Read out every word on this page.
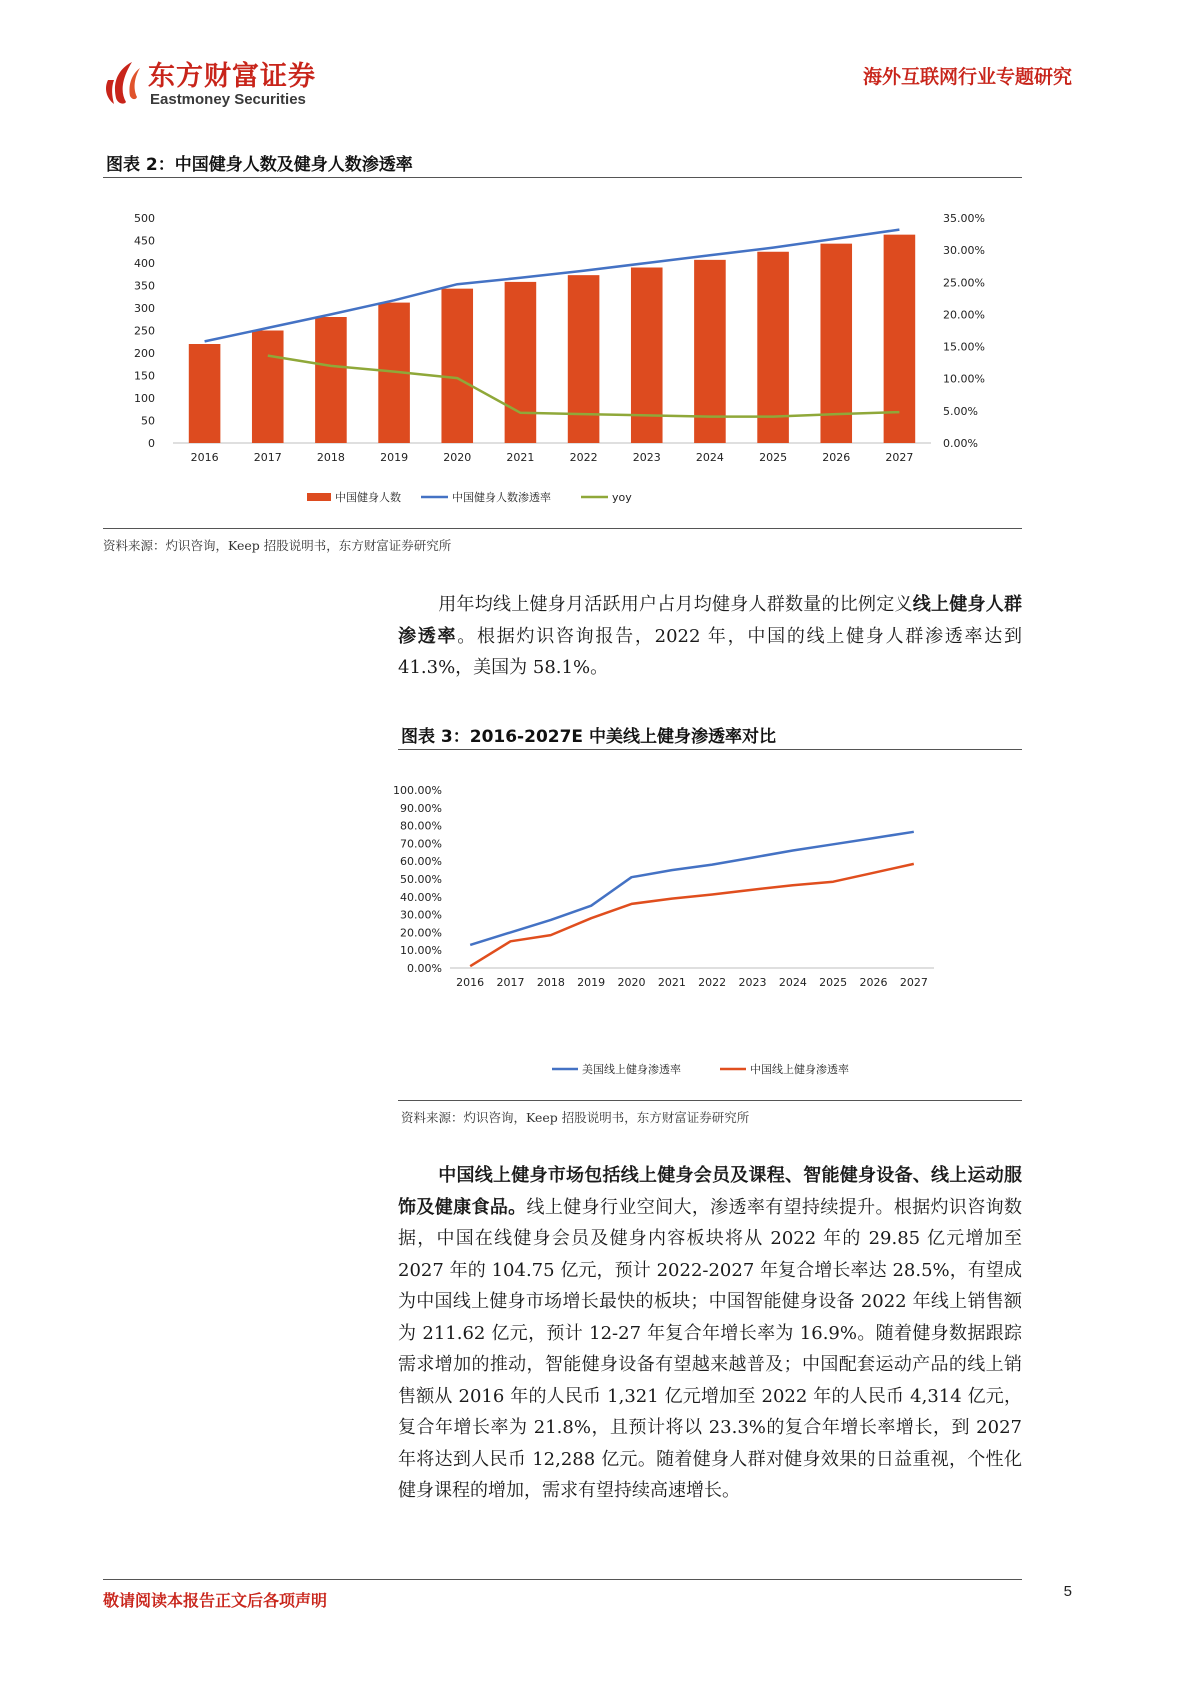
东方财富证券
Eastmoney Securities
海外互联网行业专题研究
图表 2：中国健身人数及健身人数渗透率
0
50
100
150
200
250
300
350
400
450
500
0.00%
5.00%
10.00%
15.00%
20.00%
25.00%
30.00%
35.00%
2016	2017	2018	2019	2020	2021	2022	2023	2024	2025	2026	2027
中国健身人数	中国健身人数渗透率	yoy
资料来源：灼识咨询，Keep 招股说明书，东方财富证券研究所
用年均线上健身月活跃用户占月均健身人群数量的比例定义线上健身人群渗透率。根据灼识咨询报告，2022 年，中国的线上健身人群渗透率达到 41.3%，美国为 58.1%。
图表 3：2016-2027E 中美线上健身渗透率对比
0.00%
10.00%
20.00%
30.00%
40.00%
50.00%
60.00%
70.00%
80.00%
90.00%
100.00%
2016 2017 2018 2019 2020 2021 2022 2023 2024 2025 2026 2027
美国线上健身渗透率	中国线上健身渗透率
资料来源：灼识咨询，Keep 招股说明书，东方财富证券研究所
中国线上健身市场包括线上健身会员及课程、智能健身设备、线上运动服饰及健康食品。线上健身行业空间大，渗透率有望持续提升。根据灼识咨询数据，中国在线健身会员及健身内容板块将从 2022 年的 29.85 亿元增加至 2027 年的 104.75 亿元，预计 2022-2027 年复合增长率达 28.5%，有望成为中国线上健身市场增长最快的板块；中国智能健身设备 2022 年线上销售额为 211.62 亿元，预计 12-27 年复合年增长率为 16.9%。随着健身数据跟踪需求增加的推动，智能健身设备有望越来越普及；中国配套运动产品的线上销售额从 2016 年的人民币 1,321 亿元增加至 2022 年的人民币 4,314 亿元，复合年增长率为 21.8%，且预计将以 23.3%的复合年增长率增长，到 2027 年将达到人民币 12,288 亿元。随着健身人群对健身效果的日益重视，个性化健身课程的增加，需求有望持续高速增长。
敬请阅读本报告正文后各项声明	5
